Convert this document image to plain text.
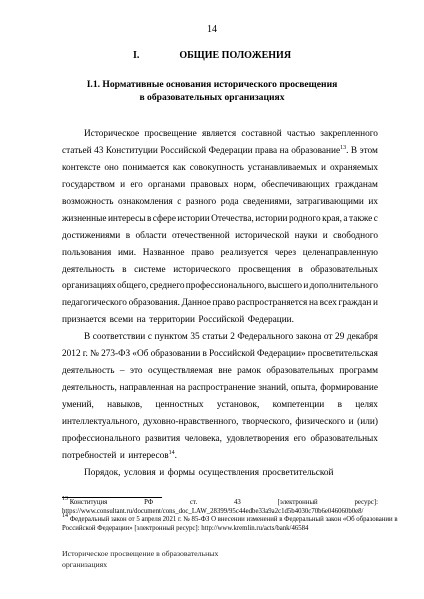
14
I.	ОБЩИЕ ПОЛОЖЕНИЯ
I.1. Нормативные основания исторического просвещения
в образовательных организациях
Историческое просвещение является составной частью закрепленного
статьей 43 Конституции Российской Федерации права на образование$^{13}$. В этом
контексте оно понимается как совокупность устанавливаемых и охраняемых
государством и его органами правовых норм, обеспечивающих гражданам
возможность ознакомления с разного рода сведениями, затрагивающими их
жизненные интересы в сфере истории Отечества, истории родного края, а также с
достижениями в области отечественной исторической науки и свободного
пользования ими. Названное право реализуется через целенаправленную
деятельность в системе исторического просвещения в образовательных
организациях общего, среднего профессионального, высшего и дополнительного
педагогического образования. Данное право распространяется на всех граждан и
признается всеми на территории Российской Федерации.
В соответствии с пунктом 35 статьи 2 Федерального закона от 29 декабря
2012 г. № 273-ФЗ «Об образовании в Российской Федерации» просветительская
деятельность – это осуществляемая вне рамок образовательных программ
деятельность, направленная на распространение знаний, опыта, формирование
умений, навыков, ценностных установок, компетенции в целях
интеллектуального, духовно-нравственного, творческого, физического и (или)
профессионального развития человека, удовлетворения его образовательных
потребностей и интересов$^{14}$.
Порядок, условия и формы осуществления просветительской
$^{13}$ Конституция	РФ	ст.	43	[электронный	ресурс]:
https://www.consultant.ru/document/cons_doc_LAW_28399/95c44edbe33a9a2c1d5b4030c70b6e046060b0e8/
$^{14}$ Федеральный закон от 5 апреля 2021 г. № 85-ФЗ О внесении изменений в Федеральный закон «Об образовании в
Российской Федерации» [электронный ресурс]: http://www.kremlin.ru/acts/bank/46584
Историческое просвещение в образовательных
организациях
